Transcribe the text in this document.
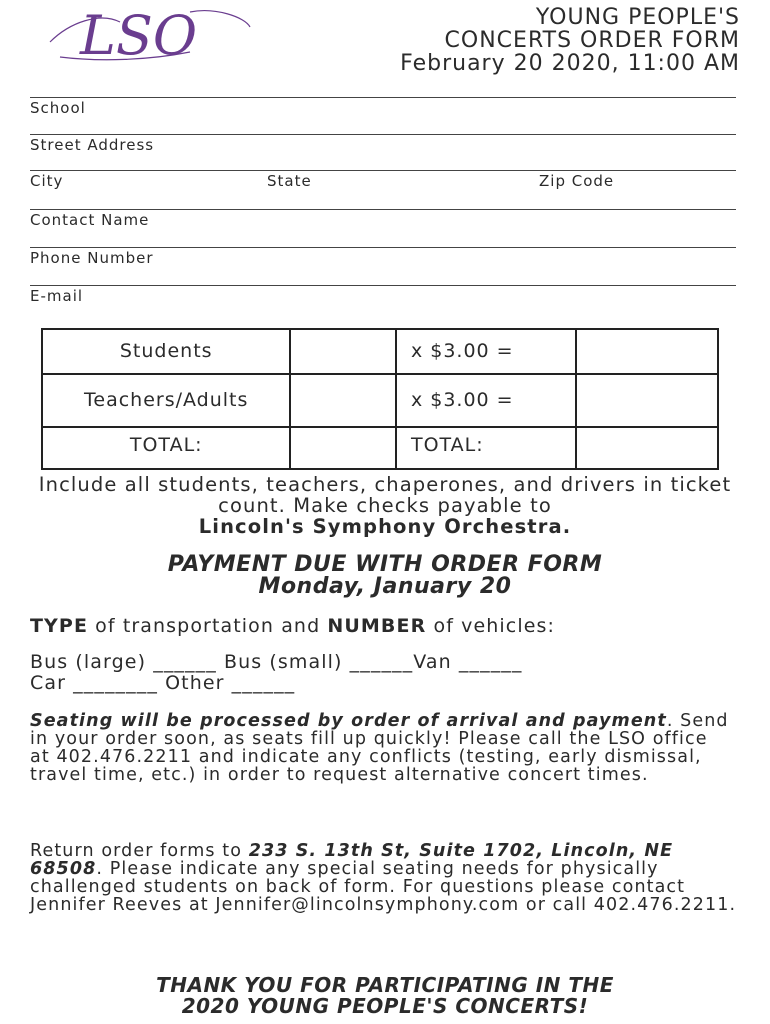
LSO	YOUNG PEOPLE'S
CONCERTS ORDER FORM
February 20 2020, 11:00 AM
School
Street Address
City	State	Zip Code
Contact Name
Phone Number
E-mail
Students		x $3.00 =	
Teachers/Adults		x $3.00 =	
TOTAL:		TOTAL:	
Include all students, teachers, chaperones, and drivers in ticket count. Make checks payable to
Lincoln's Symphony Orchestra.
PAYMENT DUE WITH ORDER FORM
Monday, January 20
TYPE of transportation and NUMBER of vehicles:
Bus (large) ______ Bus (small) ______Van ______
Car ________ Other ______
Seating will be processed by order of arrival and payment. Send in your order soon, as seats fill up quickly! Please call the LSO office at 402.476.2211 and indicate any conflicts (testing, early dismissal, travel time, etc.) in order to request alternative concert times.
Return order forms to 233 S. 13th St, Suite 1702, Lincoln, NE 68508. Please indicate any special seating needs for physically challenged students on back of form. For questions please contact Jennifer Reeves at Jennifer@lincolnsymphony.com or call 402.476.2211.
THANK YOU FOR PARTICIPATING IN THE
2020 YOUNG PEOPLE'S CONCERTS!
